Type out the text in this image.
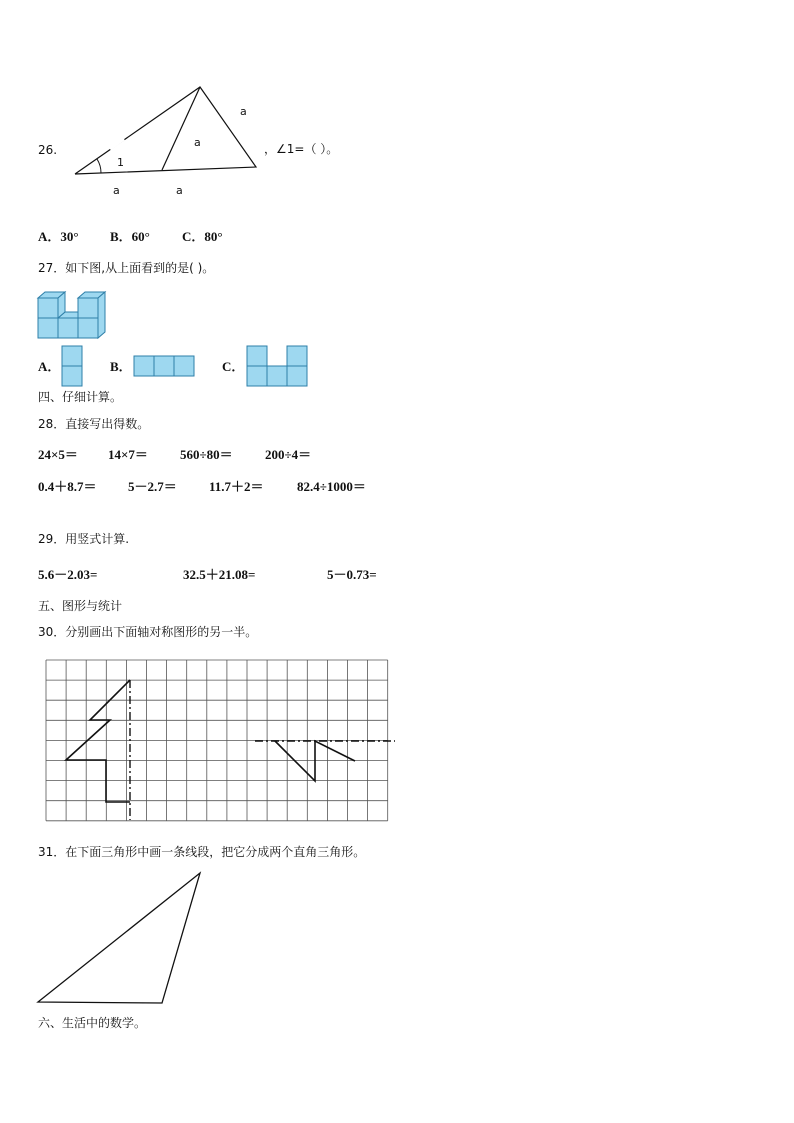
26.
1
a
a
a	a
，∠1=（ ）。
A．30° B．60° C．80°
27．如下图,从上面看到的是( )。
A．	B．	C．
四、仔细计算。
28．直接写出得数。
24×5＝ 14×7＝ 560÷80＝ 200÷4＝
0.4＋8.7＝ 5－2.7＝ 11.7＋2＝	82.4÷1000＝
29．用竖式计算.
5.6－2.03=	32.5＋21.08=	5－0.73=
五、图形与统计
30．分别画出下面轴对称图形的另一半。
31．在下面三角形中画一条线段，把它分成两个直角三角形。
六、生活中的数学。
